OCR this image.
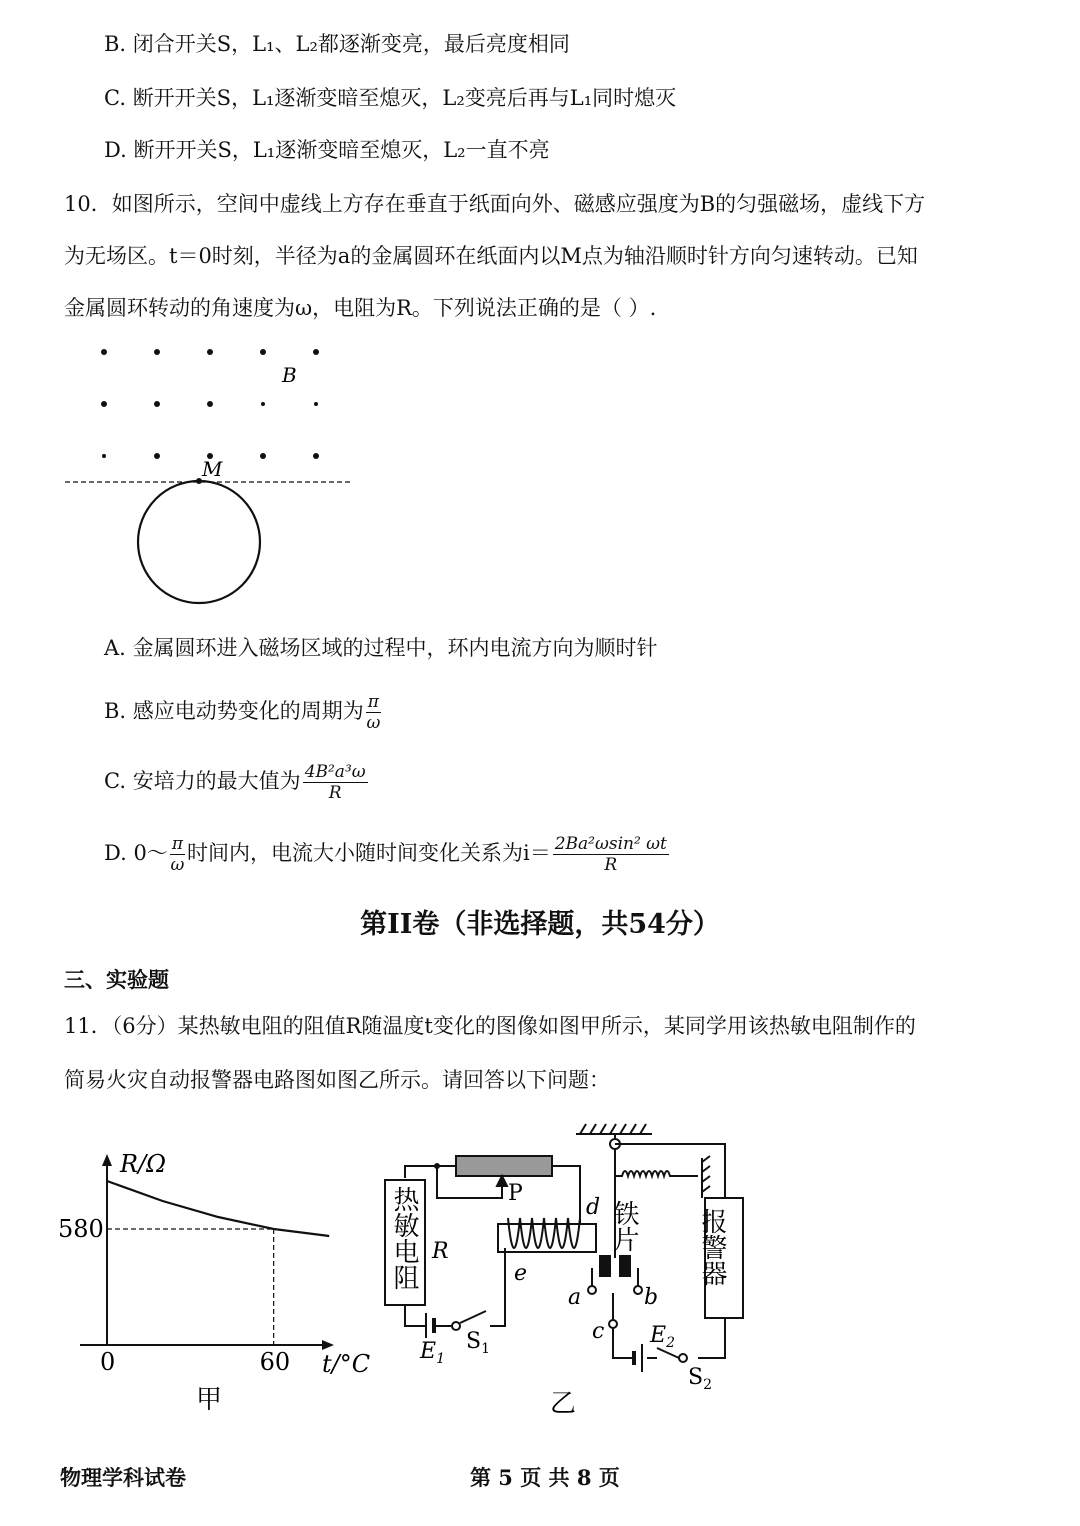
B. 闭合开关S，L₁、L₂都逐渐变亮，最后亮度相同
C. 断开开关S，L₁逐渐变暗至熄灭，L₂变亮后再与L₁同时熄灭
D. 断开开关S，L₁逐渐变暗至熄灭，L₂一直不亮
10．如图所示，空间中虚线上方存在垂直于纸面向外、磁感应强度为B的匀强磁场，虚线下方
为无场区。t＝0时刻，半径为a的金属圆环在纸面内以M点为轴沿顺时针方向匀速转动。已知
金属圆环转动的角速度为ω，电阻为R。下列说法正确的是（ ）.
B
M
A. 金属圆环进入磁场区域的过程中，环内电流方向为顺时针
B. 感应电动势变化的周期为 $\frac{\pi}{\omega}$
C. 安培力的最大值为 $\frac{\text{4B²a³ω}}{R}$
D. 0～ $\frac{\pi}{\omega}$ 时间内，电流大小随时间变化关系为$i= \frac{\text{2Ba²ωsin² ωt}}{R}$
第II卷（非选择题，共54分）
三、实验题
11．（6分）某热敏电阻的阻值R随温度t变化的图像如图甲所示，某同学用该热敏电阻制作的
简易火灾自动报警器电路图如图乙所示。请回答以下问题：
R/Ω
t/°C
580
0	60
甲
热敏电阻 R
P
d
e
铁片 报警器
a	b
c
$E_1$
$S_1$
$E_2$
$S_2$
乙
物理学科试卷	第 5 页 共 8 页
